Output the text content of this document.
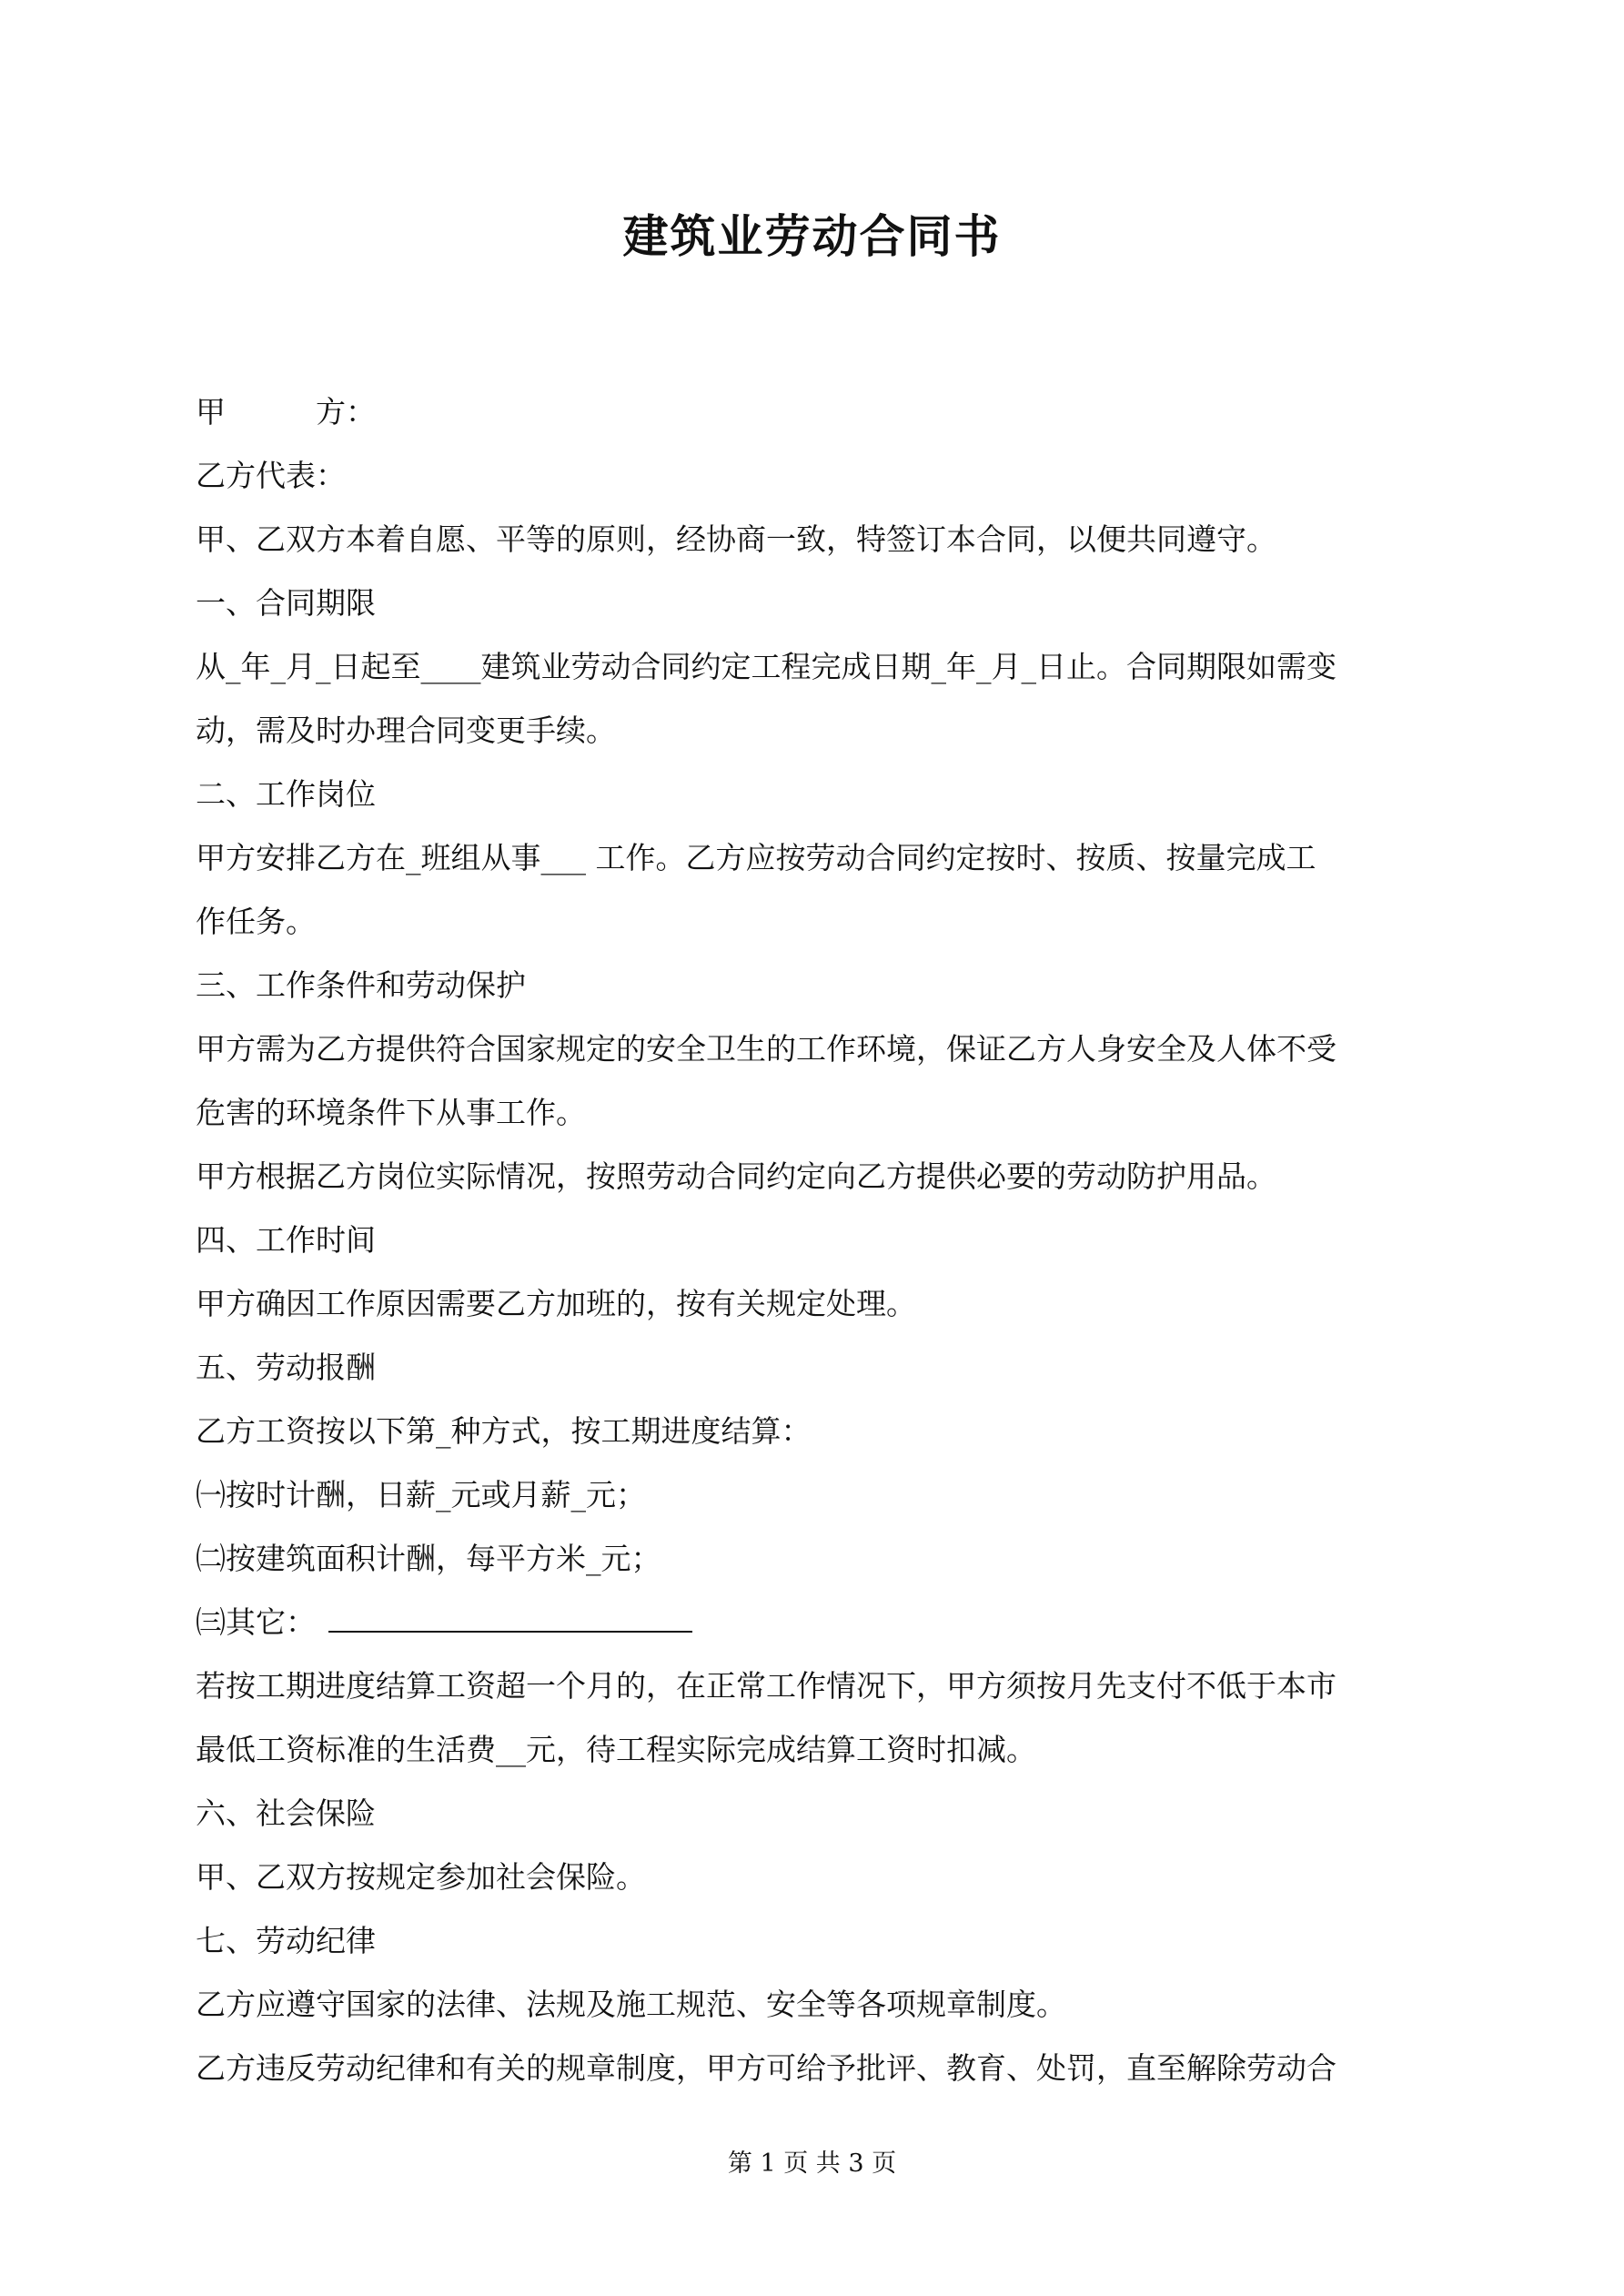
建筑业劳动合同书

甲　　　方：

乙方代表：

甲、乙双方本着自愿、平等的原则，经协商一致，特签订本合同，以便共同遵守。

一、合同期限

从_年_月_日起至____建筑业劳动合同约定工程完成日期_年_月_日止。合同期限如需变

动，需及时办理合同变更手续。

二、工作岗位

甲方安排乙方在_班组从事___ 工作。乙方应按劳动合同约定按时、按质、按量完成工

作任务。

三、工作条件和劳动保护

甲方需为乙方提供符合国家规定的安全卫生的工作环境，保证乙方人身安全及人体不受

危害的环境条件下从事工作。

甲方根据乙方岗位实际情况，按照劳动合同约定向乙方提供必要的劳动防护用品。

四、工作时间

甲方确因工作原因需要乙方加班的，按有关规定处理。

五、劳动报酬

乙方工资按以下第_种方式，按工期进度结算：

㈠按时计酬，日薪_元或月薪_元；

㈡按建筑面积计酬，每平方米_元；

㈢其它：

若按工期进度结算工资超一个月的，在正常工作情况下，甲方须按月先支付不低于本市

最低工资标准的生活费__元，待工程实际完成结算工资时扣减。

六、社会保险

甲、乙双方按规定参加社会保险。

七、劳动纪律

乙方应遵守国家的法律、法规及施工规范、安全等各项规章制度。

乙方违反劳动纪律和有关的规章制度，甲方可给予批评、教育、处罚，直至解除劳动合

第 1 页 共 3 页
